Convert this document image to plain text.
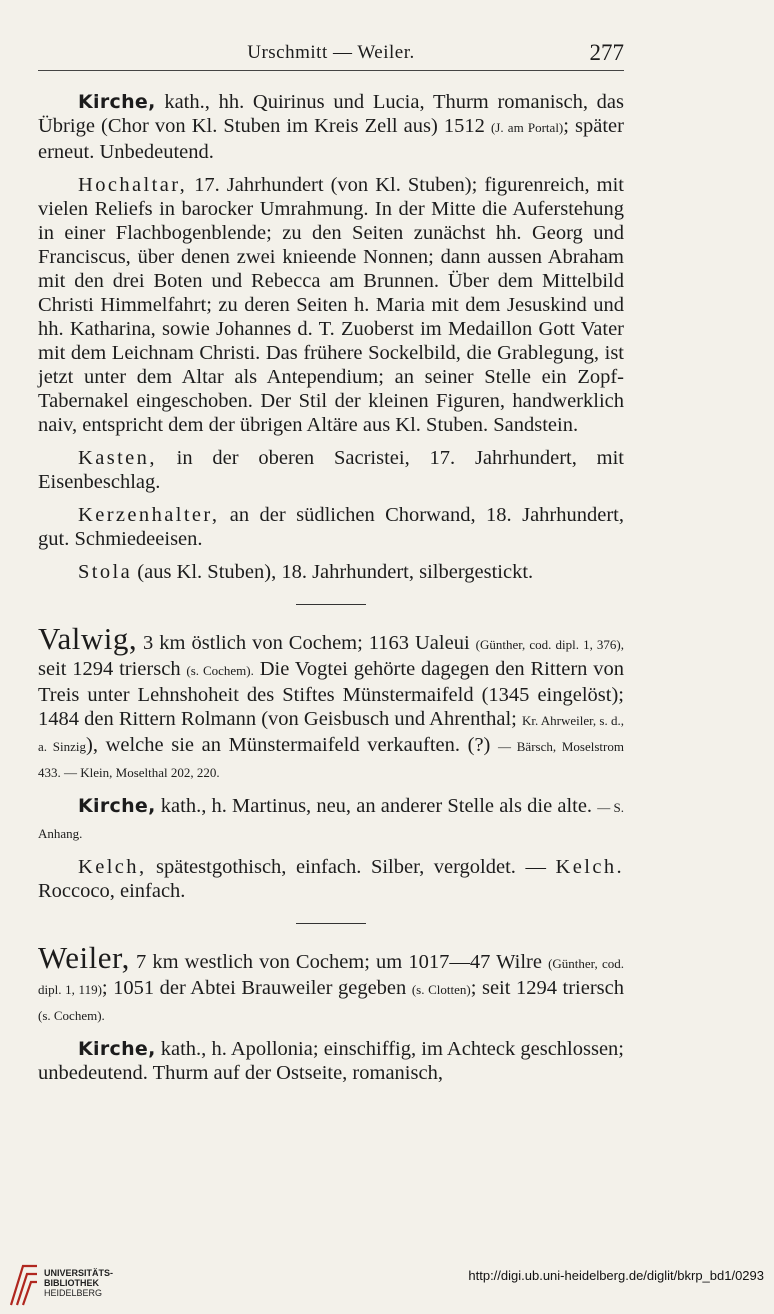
Urschmitt — Weiler.	277

Kirche, kath., hh. Quirinus und Lucia, Thurm romanisch, das Übrige (Chor von Kl. Stuben im Kreis Zell aus) 1512 (J. am Portal); später erneut. Unbedeutend.

Hochaltar, 17. Jahrhundert (von Kl. Stuben); figurenreich, mit vielen Reliefs in barocker Umrahmung. In der Mitte die Auferstehung in einer Flachbogenblende; zu den Seiten zunächst hh. Georg und Franciscus, über denen zwei knieende Nonnen; dann aussen Abraham mit den drei Boten und Rebecca am Brunnen. Über dem Mittelbild Christi Himmelfahrt; zu deren Seiten h. Maria mit dem Jesuskind und hh. Katharina, sowie Johannes d. T. Zuoberst im Medaillon Gott Vater mit dem Leichnam Christi. Das frühere Sockelbild, die Grablegung, ist jetzt unter dem Altar als Antependium; an seiner Stelle ein Zopf-Tabernakel eingeschoben. Der Stil der kleinen Figuren, handwerklich naiv, entspricht dem der übrigen Altäre aus Kl. Stuben. Sandstein.

Kasten, in der oberen Sacristei, 17. Jahrhundert, mit Eisenbeschlag.

Kerzenhalter, an der südlichen Chorwand, 18. Jahrhundert, gut. Schmiedeeisen.

Stola (aus Kl. Stuben), 18. Jahrhundert, silbergestickt.

Valwig, 3 km östlich von Cochem; 1163 Ualeui (Günther, cod. dipl. 1, 376), seit 1294 triersch (s. Cochem). Die Vogtei gehörte dagegen den Rittern von Treis unter Lehnshoheit des Stiftes Münstermaifeld (1345 eingelöst); 1484 den Rittern Rolmann (von Geisbusch und Ahrenthal; Kr. Ahrweiler, s. d., a. Sinzig), welche sie an Münstermaifeld verkauften. (?) — Bärsch, Moselstrom 433. — Klein, Moselthal 202, 220.

Kirche, kath., h. Martinus, neu, an anderer Stelle als die alte. — S. Anhang.

Kelch, spätestgothisch, einfach. Silber, vergoldet. — Kelch. Roccoco, einfach.

Weiler, 7 km westlich von Cochem; um 1017—47 Wilre (Günther, cod. dipl. 1, 119); 1051 der Abtei Brauweiler gegeben (s. Clotten); seit 1294 triersch (s. Cochem).

Kirche, kath., h. Apollonia; einschiffig, im Achteck geschlossen; unbedeutend. Thurm auf der Ostseite, romanisch,

UNIVERSITÄTS-
BIBLIOTHEK
HEIDELBERG
http://digi.ub.uni-heidelberg.de/diglit/bkrp_bd1/0293
